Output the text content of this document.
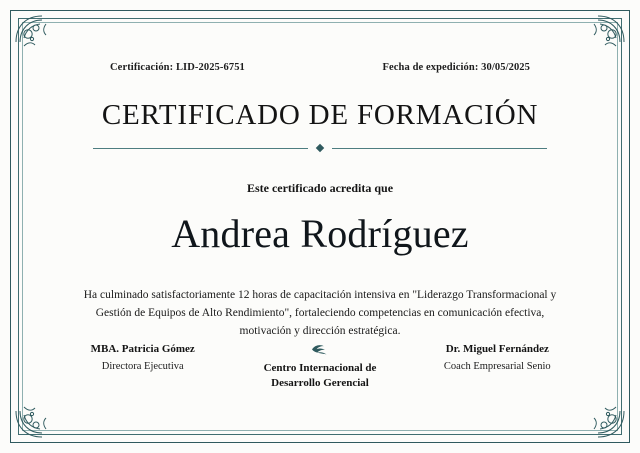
Certificación: LID-2025-6751	Fecha de expedición: 30/05/2025
CERTIFICADO DE FORMACIÓN
Este certificado acredita que
Andrea Rodríguez
Ha culminado satisfactoriamente 12 horas de capacitación intensiva en "Liderazgo Transformacional y Gestión de Equipos de Alto Rendimiento", fortaleciendo competencias en comunicación efectiva, motivación y dirección estratégica.
MBA. Patricia Gómez
Directora Ejecutiva	Centro Internacional de
Desarrollo Gerencial
Dr. Miguel Fernández
Coach Empresarial Senio
